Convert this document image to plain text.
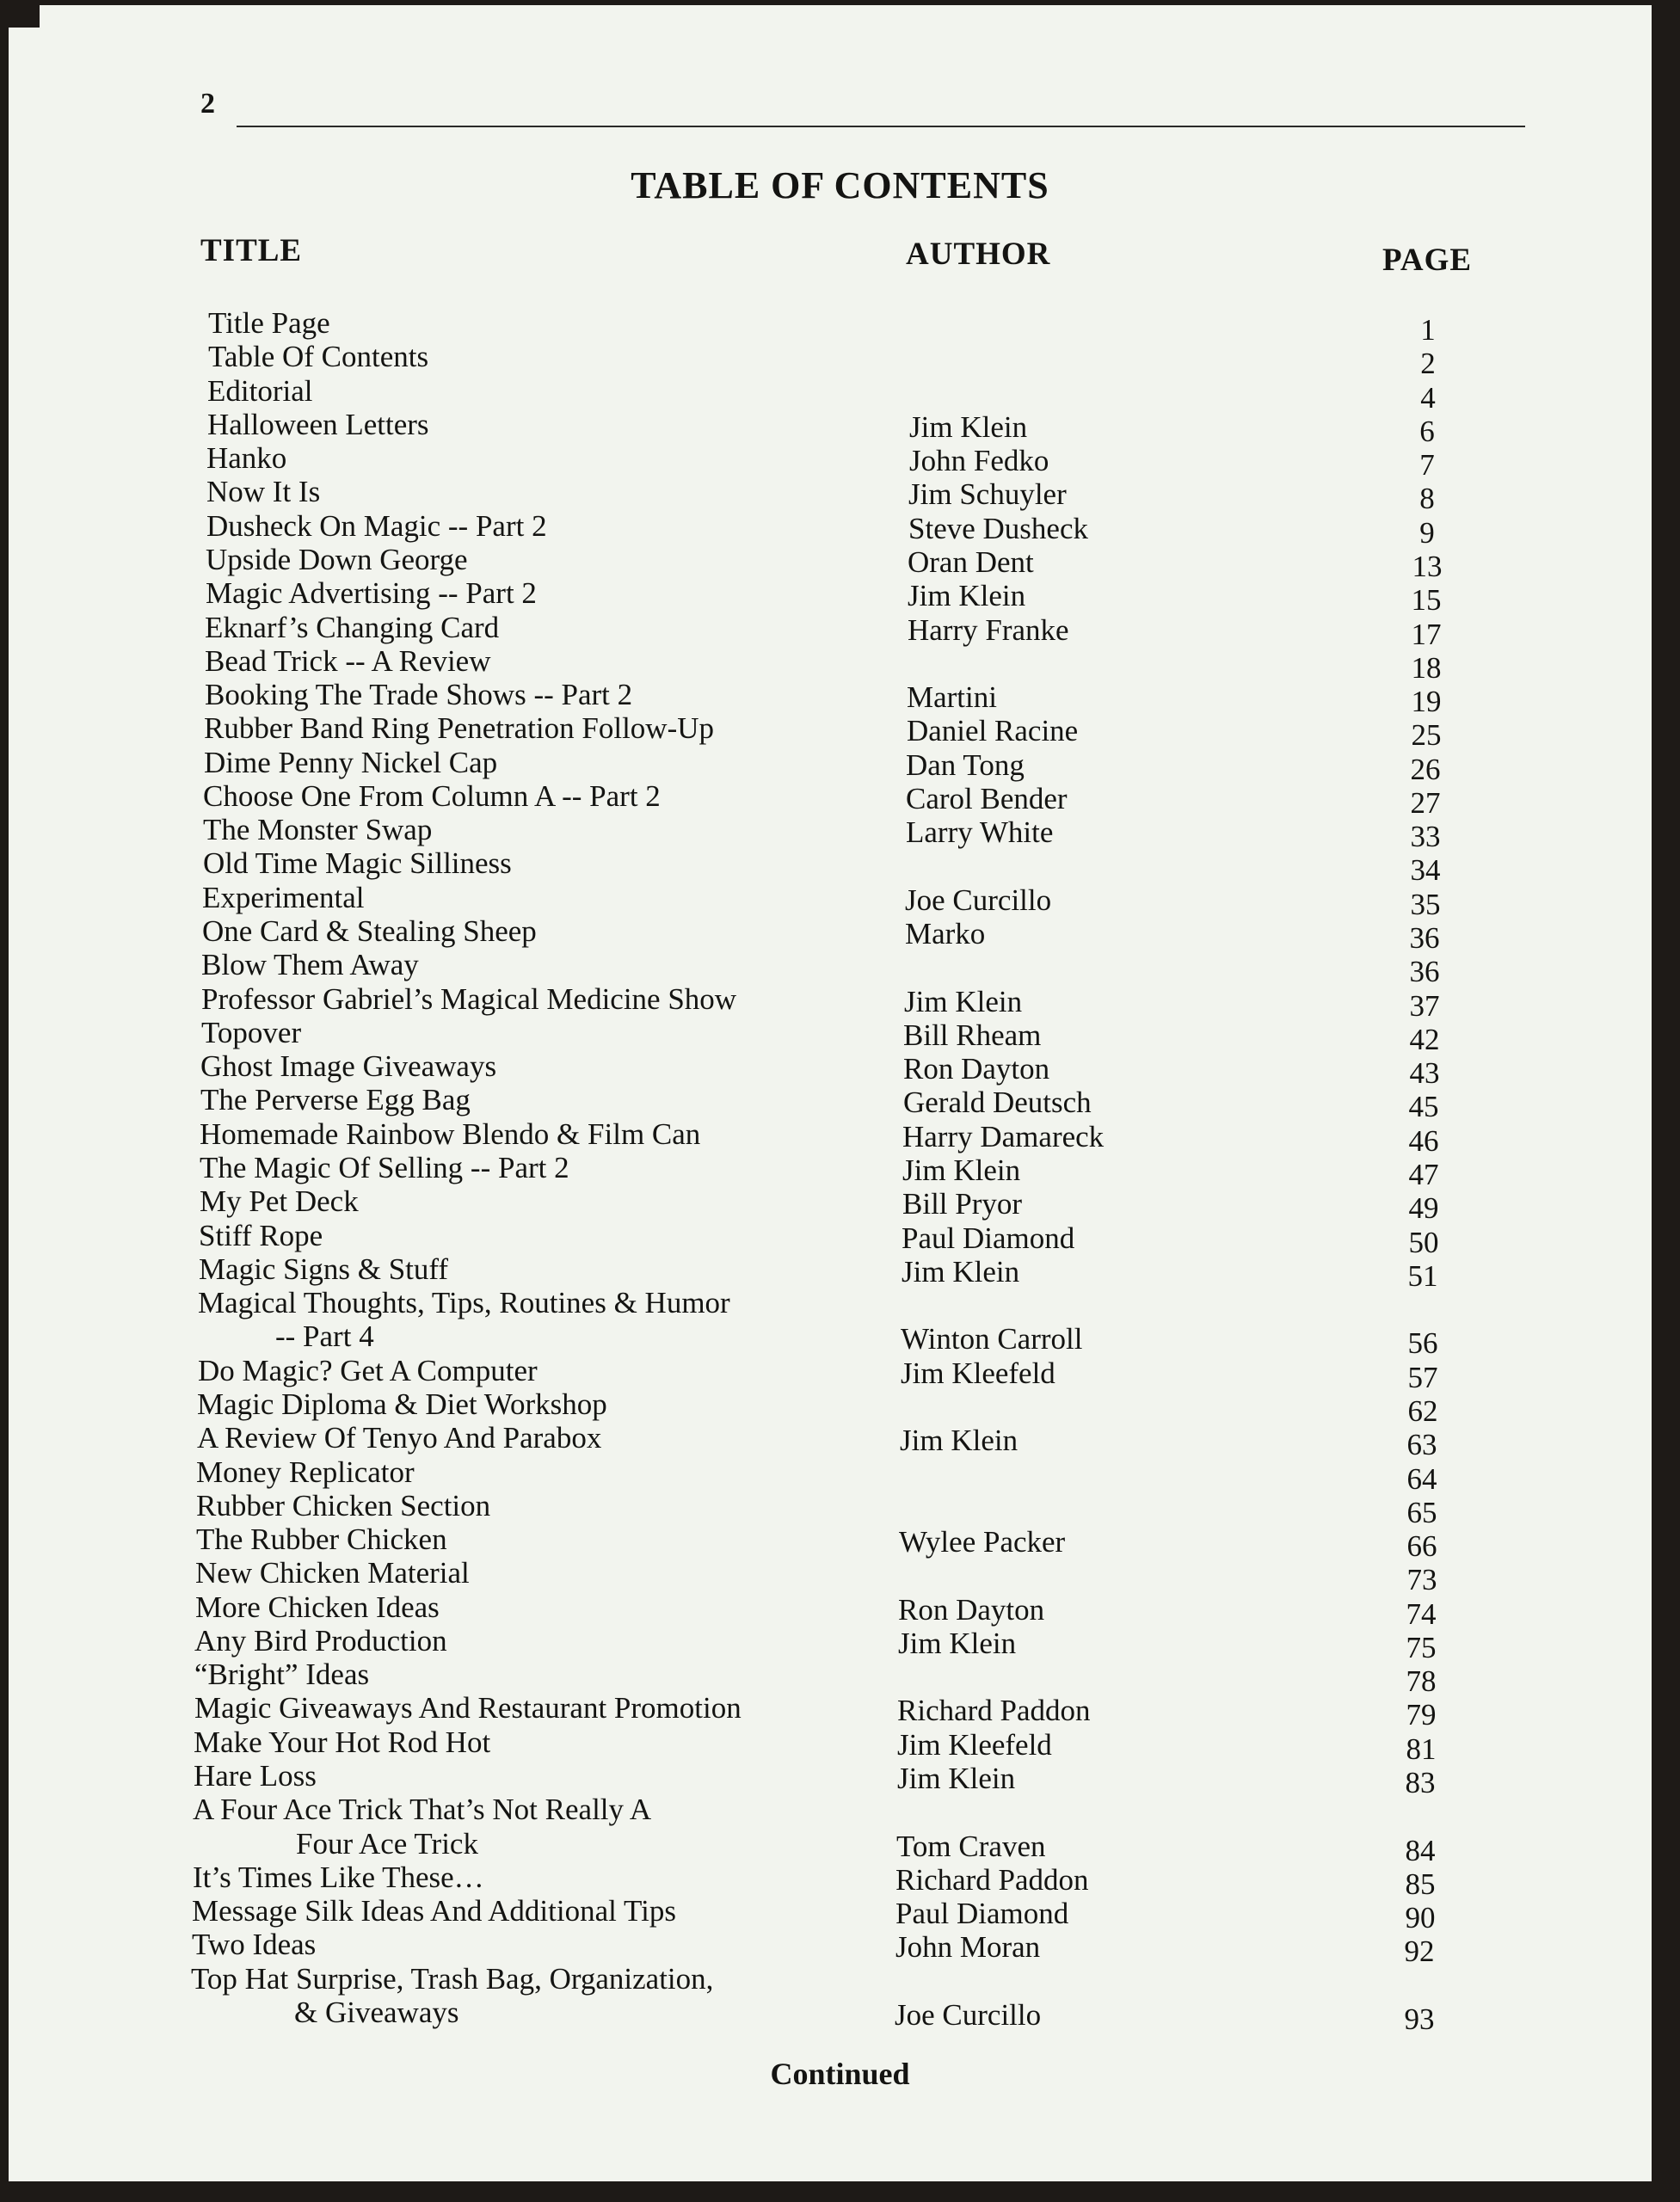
2
TABLE OF CONTENTS
TITLE	AUTHOR	PAGE
Title Page	1
Table Of Contents	2
Editorial	4
Halloween Letters	Jim Klein	6
Hanko	John Fedko	7
Now It Is	Jim Schuyler	8
Dusheck On Magic -- Part 2	Steve Dusheck	9
Upside Down George	Oran Dent	13
Magic Advertising -- Part 2	Jim Klein	15
Eknarf’s Changing Card	Harry Franke	17
Bead Trick -- A Review	18
Booking The Trade Shows -- Part 2	Martini	19
Rubber Band Ring Penetration Follow-Up	Daniel Racine	25
Dime Penny Nickel Cap	Dan Tong	26
Choose One From Column A -- Part 2	Carol Bender	27
The Monster Swap	Larry White	33
Old Time Magic Silliness	34
Experimental	Joe Curcillo	35
One Card & Stealing Sheep	Marko	36
Blow Them Away	36
Professor Gabriel’s Magical Medicine Show	Jim Klein	37
Topover	Bill Rheam	42
Ghost Image Giveaways	Ron Dayton	43
The Perverse Egg Bag	Gerald Deutsch	45
Homemade Rainbow Blendo & Film Can	Harry Damareck	46
The Magic Of Selling -- Part 2	Jim Klein	47
My Pet Deck	Bill Pryor	49
Stiff Rope	Paul Diamond	50
Magic Signs & Stuff	Jim Klein	51
Magical Thoughts, Tips, Routines & Humor
-- Part 4	Winton Carroll	56
Do Magic? Get A Computer	Jim Kleefeld	57
Magic Diploma & Diet Workshop	62
A Review Of Tenyo And Parabox	Jim Klein	63
Money Replicator	64
Rubber Chicken Section	65
The Rubber Chicken	Wylee Packer	66
New Chicken Material	73
More Chicken Ideas	Ron Dayton	74
Any Bird Production	Jim Klein	75
“Bright” Ideas	78
Magic Giveaways And Restaurant Promotion	Richard Paddon	79
Make Your Hot Rod Hot	Jim Kleefeld	81
Hare Loss	Jim Klein	83
A Four Ace Trick That’s Not Really A
Four Ace Trick	Tom Craven	84
It’s Times Like These…	Richard Paddon	85
Message Silk Ideas And Additional Tips	Paul Diamond	90
Two Ideas	John Moran	92
Top Hat Surprise, Trash Bag, Organization,
& Giveaways	Joe Curcillo	93
Continued
